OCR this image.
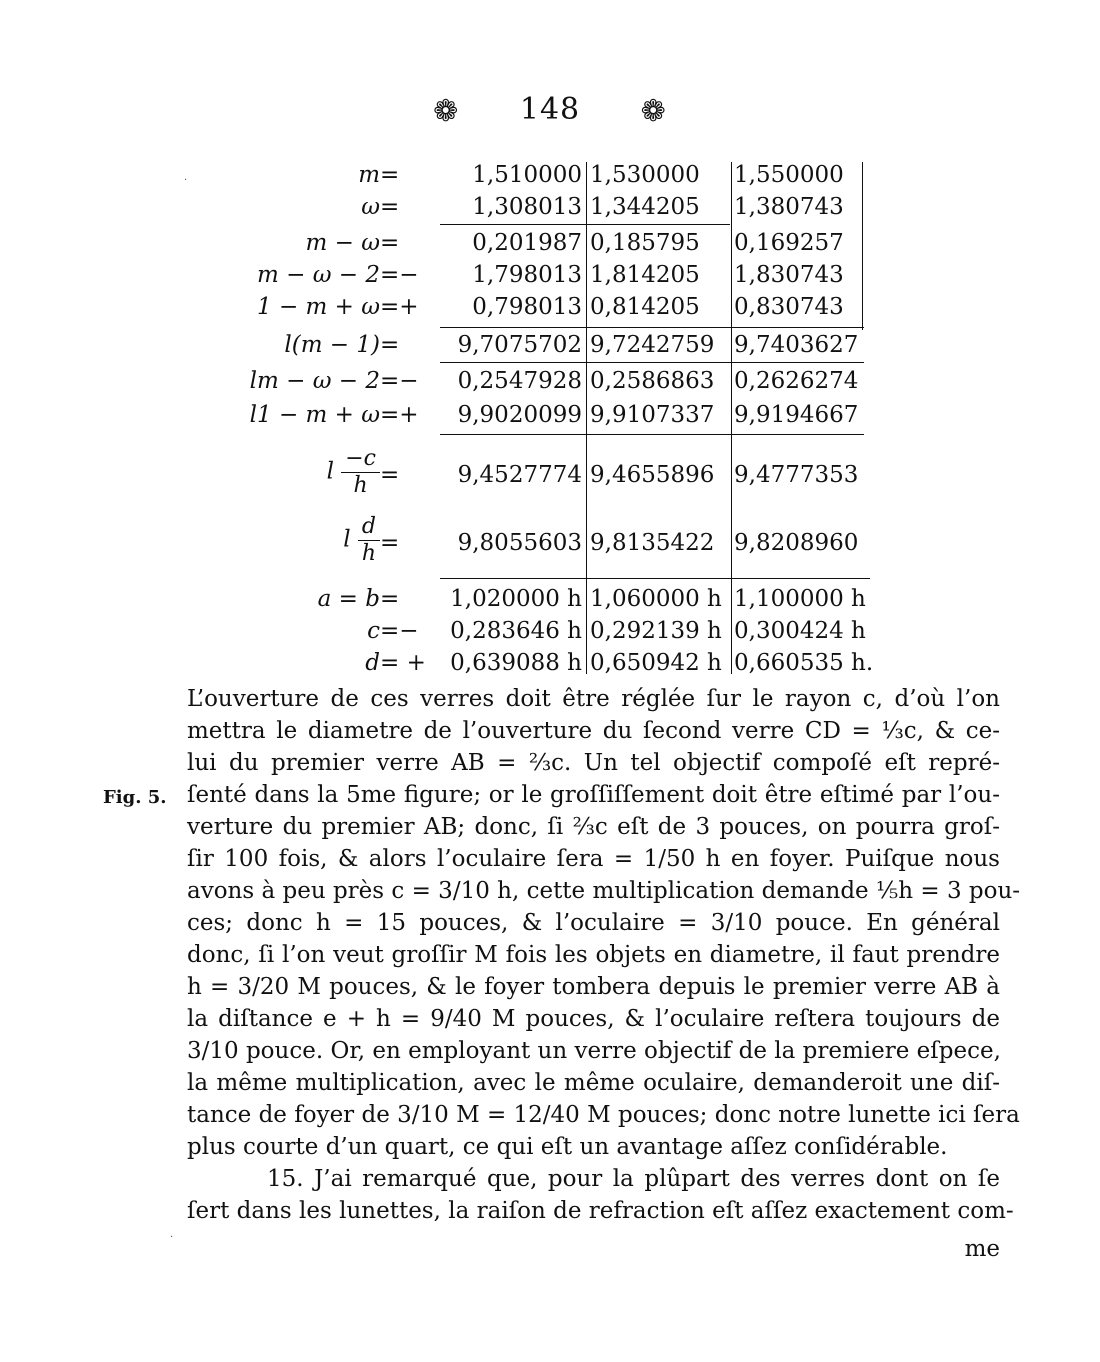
❁ 148 ❁
m =	1,510000 1,530000	1,550000
ω =	1,308013 1,344205	1,380743
m − ω =	0,201987 0,185795	0,169257
m − ω − 2 =−	1,798013 1,814205	1,830743
1 − m + ω =+	0,798013 0,814205	0,830743
l(m − 1) =	9,7075702 9,7242759 9,7403627
lm − ω − 2 =−	0,2547928 0,2586863 0,2626274
l1 − m + ω =+	9,9020099 9,9107337 9,9194667
l $\frac{-c}{h}$ =	9,4527774 9,4655896 9,4777353
l $\frac{d}{h}$ =	9,8055603 9,8135422 9,8208960
a = b =	1,020000 h 1,060000 h 1,100000 h
c =−	0,283646 h 0,292139 h 0,300424 h
d = +	0,639088 h 0,650942 h 0,660535 h.
·
·
Fig. 5.

L’ouverture de ces verres doit être réglée ſur le rayon c, d’où l’on
mettra le diametre de l’ouverture du ſecond verre CD = ⅓c, & ce-
lui du premier verre AB = ⅔c. Un tel objectif compoſé eſt repré-
ſenté dans la 5me figure; or le groſſiſſement doit être eſtimé par l’ou-
verture du premier AB; donc, ſi ⅔c eſt de 3 pouces, on pourra groſ-
ſir 100 fois, & alors l’oculaire ſera = 1/50 h en foyer. Puiſque nous
avons à peu près c = 3/10 h, cette multiplication demande ⅕h = 3 pou-
ces; donc h = 15 pouces, & l’oculaire = 3/10 pouce. En général
donc, ſi l’on veut groſſir M fois les objets en diametre, il faut prendre
h = 3/20 M pouces, & le foyer tombera depuis le premier verre AB à
la diſtance e + h = 9/40 M pouces, & l’oculaire reſtera toujours de
3/10 pouce. Or, en employant un verre objectif de la premiere eſpece,
la même multiplication, avec le même oculaire, demanderoit une diſ-
tance de foyer de 3/10 M = 12/40 M pouces; donc notre lunette ici ſera
plus courte d’un quart, ce qui eſt un avantage aſſez conſidérable.

15. J’ai remarqué que, pour la plûpart des verres dont on ſe
ſert dans les lunettes, la raiſon de refraction eſt aſſez exactement com-

me
